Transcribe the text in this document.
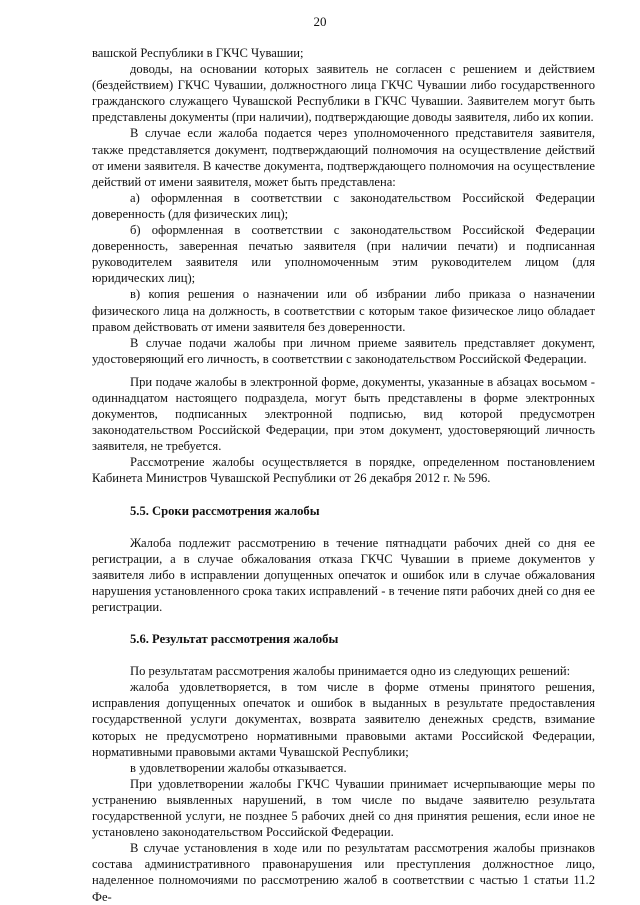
20

вашской Республики в ГКЧС Чувашии;

доводы, на основании которых заявитель не согласен с решением и действием (бездействием) ГКЧС Чувашии, должностного лица ГКЧС Чувашии либо государственного гражданского служащего Чувашской Республики в ГКЧС Чувашии. Заявителем могут быть представлены документы (при наличии), подтверждающие доводы заявителя, либо их копии.

В случае если жалоба подается через уполномоченного представителя заявителя, также представляется документ, подтверждающий полномочия на осуществление действий от имени заявителя. В качестве документа, подтверждающего полномочия на осуществление действий от имени заявителя, может быть представлена:

а) оформленная в соответствии с законодательством Российской Федерации доверенность (для физических лиц);

б) оформленная в соответствии с законодательством Российской Федерации доверенность, заверенная печатью заявителя (при наличии печати) и подписанная руководителем заявителя или уполномоченным этим руководителем лицом (для юридических лиц);

в) копия решения о назначении или об избрании либо приказа о назначении физического лица на должность, в соответствии с которым такое физическое лицо обладает правом действовать от имени заявителя без доверенности.

В случае подачи жалобы при личном приеме заявитель представляет документ, удостоверяющий его личность, в соответствии с законодательством Российской Федерации.

При подаче жалобы в электронной форме, документы, указанные в абзацах восьмом - одиннадцатом настоящего подраздела, могут быть представлены в форме электронных документов, подписанных электронной подписью, вид которой предусмотрен законодательством Российской Федерации, при этом документ, удостоверяющий личность заявителя, не требуется.

Рассмотрение жалобы осуществляется в порядке, определенном постановлением Кабинета Министров Чувашской Республики от 26 декабря 2012 г. № 596.

5.5. Сроки рассмотрения жалобы

Жалоба подлежит рассмотрению в течение пятнадцати рабочих дней со дня ее регистрации, а в случае обжалования отказа ГКЧС Чувашии в приеме документов у заявителя либо в исправлении допущенных опечаток и ошибок или в случае обжалования нарушения установленного срока таких исправлений - в течение пяти рабочих дней со дня ее регистрации.

5.6. Результат рассмотрения жалобы

По результатам рассмотрения жалобы принимается одно из следующих решений:

жалоба удовлетворяется, в том числе в форме отмены принятого решения, исправления допущенных опечаток и ошибок в выданных в результате предоставления государственной услуги документах, возврата заявителю денежных средств, взимание которых не предусмотрено нормативными правовыми актами Российской Федерации, нормативными правовыми актами Чувашской Республики;

в удовлетворении жалобы отказывается.

При удовлетворении жалобы ГКЧС Чувашии принимает исчерпывающие меры по устранению выявленных нарушений, в том числе по выдаче заявителю результата государственной услуги, не позднее 5 рабочих дней со дня принятия решения, если иное не установлено законодательством Российской Федерации.

В случае установления в ходе или по результатам рассмотрения жалобы признаков состава административного правонарушения или преступления должностное лицо, наделенное полномочиями по рассмотрению жалоб в соответствии с частью 1 статьи 11.2 Фе-
